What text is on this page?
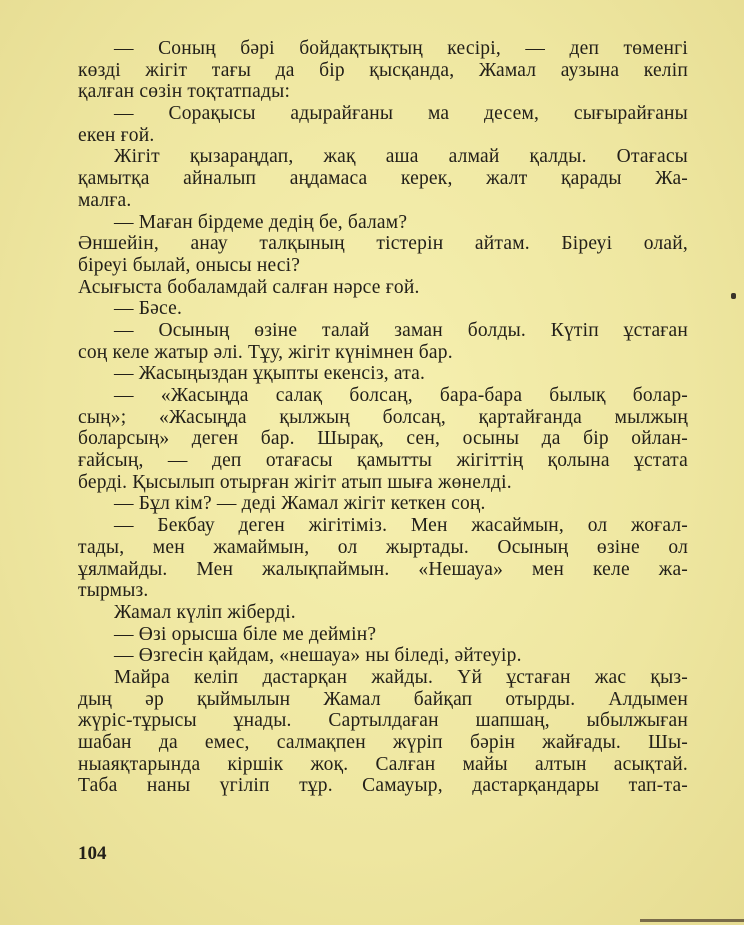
— Соның бәрі бойдақтықтың кесірі, — деп төменгі
көзді жігіт тағы да бір қысқанда, Жамал аузына келіп
қалған сөзін тоқтатпады:
— Сорақысы адырайғаны ма десем, сығырайғаны
екен ғой.
Жігіт қызараңдап, жақ аша алмай қалды. Отағасы
қамытқа айналып аңдамаса керек, жалт қарады Жа-
малға.
— Маған бірдеме дедің бе, балам?
Әншейін, анау талқының тістерін айтам. Біреуі олай,
біреуі былай, онысы несі?
Асығыста бобаламдай салған нәрсе ғой.
— Бәсе.
— Осының өзіне талай заман болды. Күтіп ұстаған
соң келе жатыр әлі. Тұу, жігіт күнімнен бар.
— Жасыңыздан ұқыпты екенсіз, ата.
— «Жасыңда салақ болсаң, бара-бара былық болар-
сың»; «Жасыңда қылжың болсаң, қартайғанда мылжың
боларсың» деген бар. Шырақ, сен, осыны да бір ойлан-
ғайсың, — деп отағасы қамытты жігіттің қолына ұстата
берді. Қысылып отырған жігіт атып шыға жөнелді.
— Бұл кім? — деді Жамал жігіт кеткен соң.
— Бекбау деген жігітіміз. Мен жасаймын, ол жоғал-
тады, мен жамаймын, ол жыртады. Осының өзіне ол
ұялмайды. Мен жалықпаймын. «Нешауа» мен келе жа-
тырмыз.
Жамал күліп жіберді.
— Өзі орысша біле ме деймін?
— Өзгесін қайдам, «нешауа» ны біледі, әйтеуір.
Майра келіп дастарқан жайды. Үй ұстаған жас қыз-
дың әр қыймылын Жамал байқап отырды. Алдымен
жүріс-тұрысы ұнады. Сартылдаған шапшаң, ыбылжыған
шабан да емес, салмақпен жүріп бәрін жайғады. Шы-
ныаяқтарында кіршік жоқ. Салған майы алтын асықтай.
Таба наны үгіліп тұр. Самауыр, дастарқандары тап-та-
104
